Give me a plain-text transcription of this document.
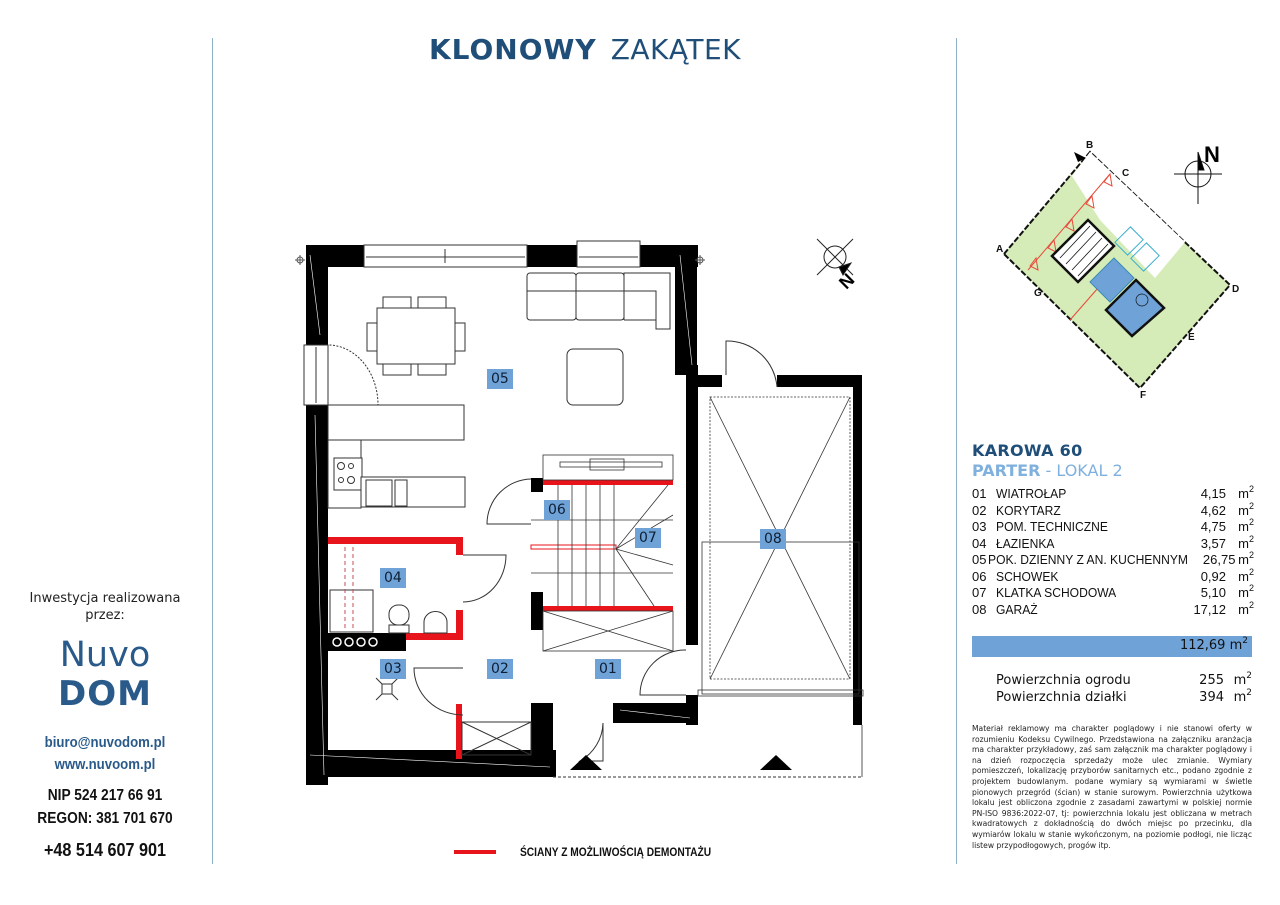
KLONOWY ZAKĄTEK
Inwestycja realizowana
przez:
Nuvo
DOM
biuro@nuvodom.pl
www.nuvoom.pl
NIP 524 217 66 91
REGON: 381 701 670
+48 514 607 901
N
05
06
07
04
08
03	02	01
ŚCIANY Z MOŻLIWOŚCIĄ DEMONTAŻU
N
A
B
C
D
E
F
G
KAROWA 60
PARTER - LOKAL 2
01 WIATROŁAP	4,15 $m^2$
02 KORYTARZ	4,62 $m^2$
03 POM. TECHNICZNE	4,75 $m^2$
04 ŁAZIENKA	3,57 $m^2$
05 POK. DZIENNY Z AN. KUCHENNYM 26,75 $m^2$
06 SCHOWEK	0,92 $m^2$
07 KLATKA SCHODOWA	5,10 $m^2$
08 GARAŻ	17,12 $m^2$
112,69 $m^2$
Powierzchnia ogrodu	255 $m^2$
Powierzchnia działki	394 $m^2$
Materiał reklamowy ma charakter poglądowy i nie stanowi oferty w rozumieniu Kodeksu Cywilnego. Przedstawiona na załączniku aranżacja ma charakter przykładowy, zaś sam załącznik ma charakter poglądowy i na dzień rozpoczęcia sprzedaży może ulec zmianie. Wymiary pomieszczeń, lokalizację przyborów sanitarnych etc., podano zgodnie z projektem budowlanym. podane wymiary są wymiarami w świetle pionowych przegród (ścian) w stanie surowym. Powierzchnia użytkowa lokalu jest obliczona zgodnie z zasadami zawartymi w polskiej normie PN-ISO 9836:2022-07, tj: powierzchnia lokalu jest obliczana w metrach kwadratowych z dokładnością do dwóch miejsc po przecinku, dla wymiarów lokalu w stanie wykończonym, na poziomie podłogi, nie licząc listew przypodłogowych, progów itp.
